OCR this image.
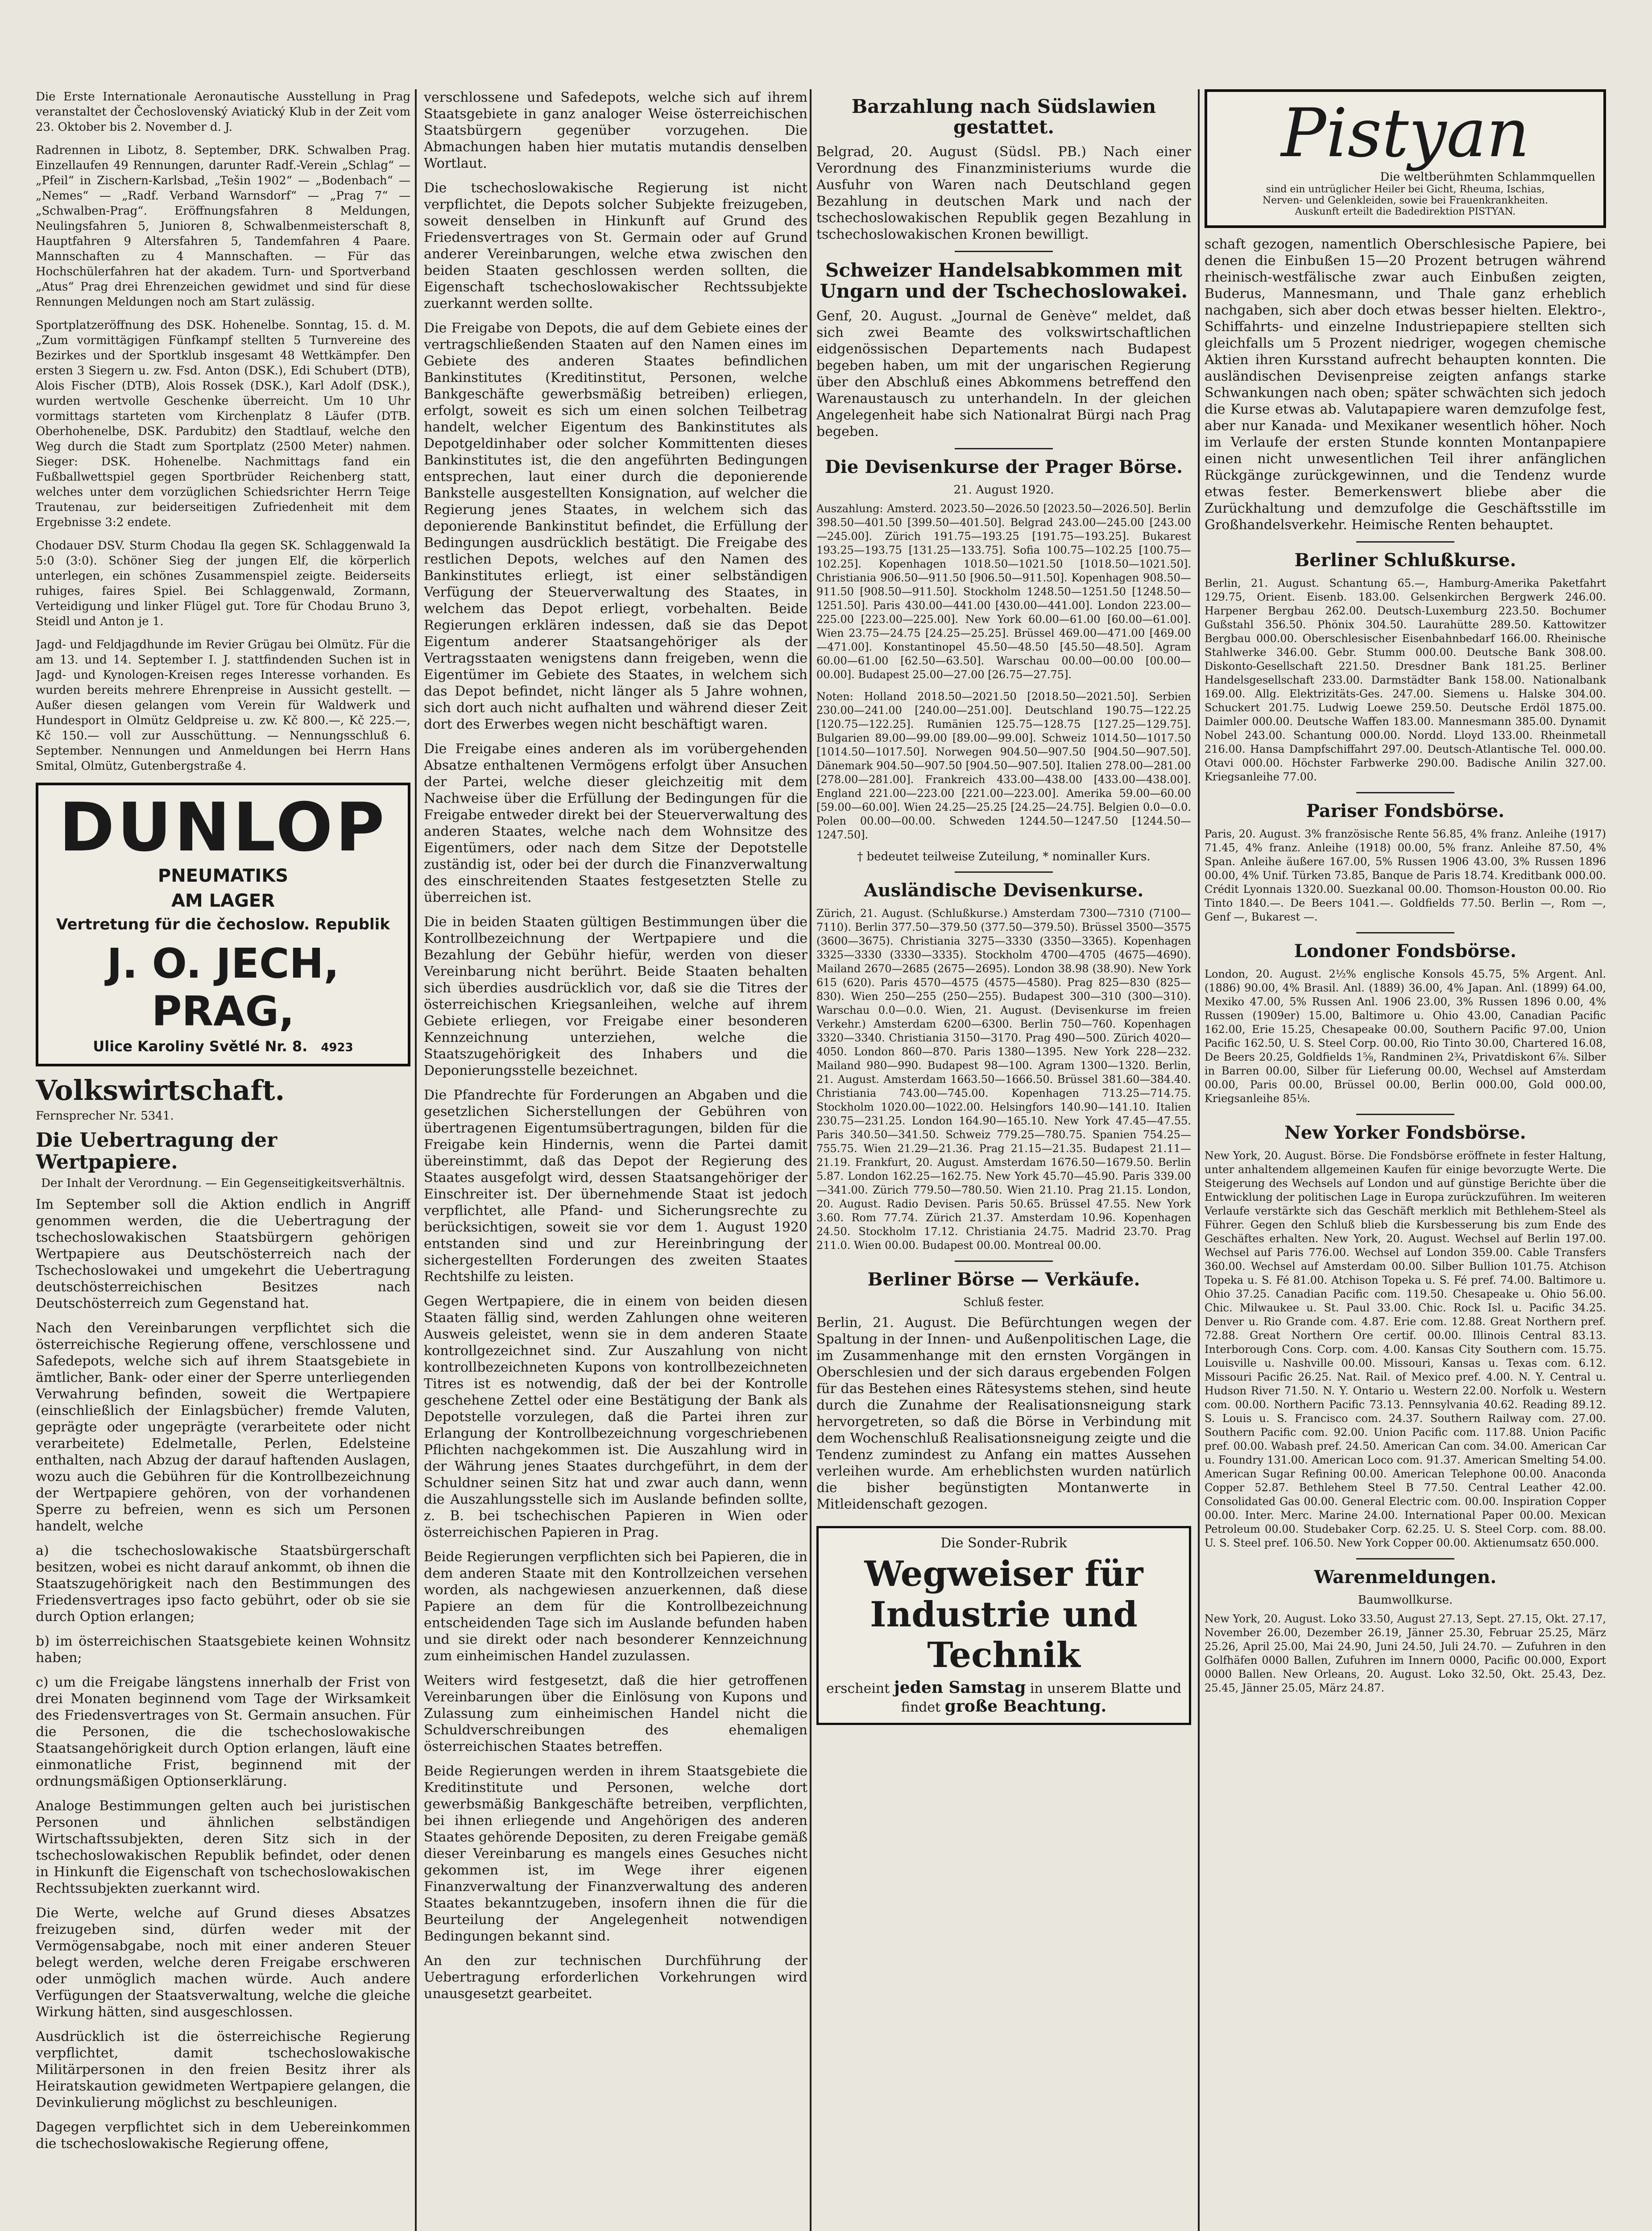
Die Erste Internationale Aeronautische Ausstellung in Prag veranstaltet der Čechoslovenský Aviatický Klub in der Zeit vom 23. Oktober bis 2. November d. J.

Radrennen in Libotz, 8. September, DRK. Schwalben Prag. Einzellaufen 49 Rennungen, darunter Radf.-Verein „Schlag“ — „Pfeil“ in Zischern-Karlsbad, „Tešin 1902“ — „Bodenbach“ — „Nemes“ — „Radf. Verband Warnsdorf“ — „Prag 7“ — „Schwalben-Prag“. Eröffnungsfahren 8 Meldungen, Neulingsfahren 5, Junioren 8, Schwalbenmeisterschaft 8, Hauptfahren 9 Altersfahren 5, Tandemfahren 4 Paare. Mannschaften zu 4 Mannschaften. — Für das Hochschülerfahren hat der akadem. Turn- und Sportverband „Atus“ Prag drei Ehrenzeichen gewidmet und sind für diese Rennungen Meldungen noch am Start zulässig.

Sportplatzeröffnung des DSK. Hohenelbe. Sonntag, 15. d. M. „Zum vormittägigen Fünfkampf stellten 5 Turnvereine des Bezirkes und der Sportklub insgesamt 48 Wettkämpfer. Den ersten 3 Siegern u. zw. Fsd. Anton (DSK.), Edi Schubert (DTB), Alois Fischer (DTB), Alois Rossek (DSK.), Karl Adolf (DSK.), wurden wertvolle Geschenke überreicht. Um 10 Uhr vormittags starteten vom Kirchenplatz 8 Läufer (DTB. Oberhohenelbe, DSK. Pardubitz) den Stadtlauf, welche den Weg durch die Stadt zum Sportplatz (2500 Meter) nahmen. Sieger: DSK. Hohenelbe. Nachmittags fand ein Fußballwettspiel gegen Sportbrüder Reichenberg statt, welches unter dem vorzüglichen Schiedsrichter Herrn Teige Trautenau, zur beiderseitigen Zufriedenheit mit dem Ergebnisse 3:2 endete.

Chodauer DSV. Sturm Chodau Ila gegen SK. Schlaggenwald Ia 5:0 (3:0). Schöner Sieg der jungen Elf, die körperlich unterlegen, ein schönes Zusammenspiel zeigte. Beiderseits ruhiges, faires Spiel. Bei Schlaggenwald, Zormann, Verteidigung und linker Flügel gut. Tore für Chodau Bruno 3, Steidl und Anton je 1.

Jagd- und Feldjagdhunde im Revier Grügau bei Olmütz. Für die am 13. und 14. September I. J. stattfindenden Suchen ist in Jagd- und Kynologen-Kreisen reges Interesse vorhanden. Es wurden bereits mehrere Ehrenpreise in Aussicht gestellt. — Außer diesen gelangen vom Verein für Waldwerk und Hundesport in Olmütz Geldpreise u. zw. Kč 800.—, Kč 225.—, Kč 150.— voll zur Ausschüttung. — Nennungsschluß 6. September. Nennungen und Anmeldungen bei Herrn Hans Smital, Olmütz, Gutenbergstraße 4.

DUNLOP
PNEUMATIKS
AM LAGER
Vertretung für die čechoslow. Republik
J. O. JECH, PRAG,
Ulice Karoliny Světlé Nr. 8. 4923
Volkswirtschaft.
Fernsprecher Nr. 5341.
Die Uebertragung der Wertpapiere.
Der Inhalt der Verordnung. — Ein Gegenseitigkeitsverhältnis.

Im September soll die Aktion endlich in Angriff genommen werden, die die Uebertragung der tschechoslowakischen Staatsbürgern gehörigen Wertpapiere aus Deutschösterreich nach der Tschechoslowakei und umgekehrt die Uebertragung deutschösterreichischen Besitzes nach Deutschösterreich zum Gegenstand hat.

Nach den Vereinbarungen verpflichtet sich die österreichische Regierung offene, verschlossene und Safedepots, welche sich auf ihrem Staatsgebiete in ämtlicher, Bank- oder einer der Sperre unterliegenden Verwahrung befinden, soweit die Wertpapiere (einschließlich der Einlagsbücher) fremde Valuten, geprägte oder ungeprägte (verarbeitete oder nicht verarbeitete) Edelmetalle, Perlen, Edelsteine enthalten, nach Abzug der darauf haftenden Auslagen, wozu auch die Gebühren für die Kontrollbezeichnung der Wertpapiere gehören, von der vorhandenen Sperre zu befreien, wenn es sich um Personen handelt, welche

a) die tschechoslowakische Staatsbürgerschaft besitzen, wobei es nicht darauf ankommt, ob ihnen die Staatszugehörigkeit nach den Bestimmungen des Friedensvertrages ipso facto gebührt, oder ob sie sie durch Option erlangen;

b) im österreichischen Staatsgebiete keinen Wohnsitz haben;

c) um die Freigabe längstens innerhalb der Frist von drei Monaten beginnend vom Tage der Wirksamkeit des Friedensvertrages von St. Germain ansuchen. Für die Personen, die die tschechoslowakische Staatsangehörigkeit durch Option erlangen, läuft eine einmonatliche Frist, beginnend mit der ordnungsmäßigen Optionserklärung.

Analoge Bestimmungen gelten auch bei juristischen Personen und ähnlichen selbständigen Wirtschaftssubjekten, deren Sitz sich in der tschechoslowakischen Republik befindet, oder denen in Hinkunft die Eigenschaft von tschechoslowakischen Rechtssubjekten zuerkannt wird.

Die Werte, welche auf Grund dieses Absatzes freizugeben sind, dürfen weder mit der Vermögensabgabe, noch mit einer anderen Steuer belegt werden, welche deren Freigabe erschweren oder unmöglich machen würde. Auch andere Verfügungen der Staatsverwaltung, welche die gleiche Wirkung hätten, sind ausgeschlossen.

Ausdrücklich ist die österreichische Regierung verpflichtet, damit tschechoslowakische Militärpersonen in den freien Besitz ihrer als Heiratskaution gewidmeten Wertpapiere gelangen, die Devinkulierung möglichst zu beschleunigen.

Dagegen verpflichtet sich in dem Uebereinkommen die tschechoslowakische Regierung offene,

verschlossene und Safedepots, welche sich auf ihrem Staatsgebiete in ganz analoger Weise österreichischen Staatsbürgern gegenüber vorzugehen. Die Abmachungen haben hier mutatis mutandis denselben Wortlaut.

Die tschechoslowakische Regierung ist nicht verpflichtet, die Depots solcher Subjekte freizugeben, soweit denselben in Hinkunft auf Grund des Friedensvertrages von St. Germain oder auf Grund anderer Vereinbarungen, welche etwa zwischen den beiden Staaten geschlossen werden sollten, die Eigenschaft tschechoslowakischer Rechtssubjekte zuerkannt werden sollte.

Die Freigabe von Depots, die auf dem Gebiete eines der vertragschließenden Staaten auf den Namen eines im Gebiete des anderen Staates befindlichen Bankinstitutes (Kreditinstitut, Personen, welche Bankgeschäfte gewerbsmäßig betreiben) erliegen, erfolgt, soweit es sich um einen solchen Teilbetrag handelt, welcher Eigentum des Bankinstitutes als Depotgeldinhaber oder solcher Kommittenten dieses Bankinstitutes ist, die den angeführten Bedingungen entsprechen, laut einer durch die deponierende Bankstelle ausgestellten Konsignation, auf welcher die Regierung jenes Staates, in welchem sich das deponierende Bankinstitut befindet, die Erfüllung der Bedingungen ausdrücklich bestätigt. Die Freigabe des restlichen Depots, welches auf den Namen des Bankinstitutes erliegt, ist einer selbständigen Verfügung der Steuerverwaltung des Staates, in welchem das Depot erliegt, vorbehalten. Beide Regierungen erklären indessen, daß sie das Depot Eigentum anderer Staatsangehöriger als der Vertragsstaaten wenigstens dann freigeben, wenn die Eigentümer im Gebiete des Staates, in welchem sich das Depot befindet, nicht länger als 5 Jahre wohnen, sich dort auch nicht aufhalten und während dieser Zeit dort des Erwerbes wegen nicht beschäftigt waren.

Die Freigabe eines anderen als im vorübergehenden Absatze enthaltenen Vermögens erfolgt über Ansuchen der Partei, welche dieser gleichzeitig mit dem Nachweise über die Erfüllung der Bedingungen für die Freigabe entweder direkt bei der Steuerverwaltung des anderen Staates, welche nach dem Wohnsitze des Eigentümers, oder nach dem Sitze der Depotstelle zuständig ist, oder bei der durch die Finanzverwaltung des einschreitenden Staates festgesetzten Stelle zu überreichen ist.

Die in beiden Staaten gültigen Bestimmungen über die Kontrollbezeichnung der Wertpapiere und die Bezahlung der Gebühr hiefür, werden von dieser Vereinbarung nicht berührt. Beide Staaten behalten sich überdies ausdrücklich vor, daß sie die Titres der österreichischen Kriegsanleihen, welche auf ihrem Gebiete erliegen, vor Freigabe einer besonderen Kennzeichnung unterziehen, welche die Staatszugehörigkeit des Inhabers und die Deponierungsstelle bezeichnet.

Die Pfandrechte für Forderungen an Abgaben und die gesetzlichen Sicherstellungen der Gebühren von übertragenen Eigentumsübertragungen, bilden für die Freigabe kein Hindernis, wenn die Partei damit übereinstimmt, daß das Depot der Regierung des Staates ausgefolgt wird, dessen Staatsangehöriger der Einschreiter ist. Der übernehmende Staat ist jedoch verpflichtet, alle Pfand- und Sicherungsrechte zu berücksichtigen, soweit sie vor dem 1. August 1920 entstanden sind und zur Hereinbringung der sichergestellten Forderungen des zweiten Staates Rechtshilfe zu leisten.

Gegen Wertpapiere, die in einem von beiden diesen Staaten fällig sind, werden Zahlungen ohne weiteren Ausweis geleistet, wenn sie in dem anderen Staate kontrollgezeichnet sind. Zur Auszahlung von nicht kontrollbezeichneten Kupons von kontrollbezeichneten Titres ist es notwendig, daß der bei der Kontrolle geschehene Zettel oder eine Bestätigung der Bank als Depotstelle vorzulegen, daß die Partei ihren zur Erlangung der Kontrollbezeichnung vorgeschriebenen Pflichten nachgekommen ist. Die Auszahlung wird in der Währung jenes Staates durchgeführt, in dem der Schuldner seinen Sitz hat und zwar auch dann, wenn die Auszahlungsstelle sich im Auslande befinden sollte, z. B. bei tschechischen Papieren in Wien oder österreichischen Papieren in Prag.

Beide Regierungen verpflichten sich bei Papieren, die in dem anderen Staate mit den Kontrollzeichen versehen worden, als nachgewiesen anzuerkennen, daß diese Papiere an dem für die Kontrollbezeichnung entscheidenden Tage sich im Auslande befunden haben und sie direkt oder nach besonderer Kennzeichnung zum einheimischen Handel zuzulassen.

Weiters wird festgesetzt, daß die hier getroffenen Vereinbarungen über die Einlösung von Kupons und Zulassung zum einheimischen Handel nicht die Schuldverschreibungen des ehemaligen österreichischen Staates betreffen.

Beide Regierungen werden in ihrem Staatsgebiete die Kreditinstitute und Personen, welche dort gewerbsmäßig Bankgeschäfte betreiben, verpflichten, bei ihnen erliegende und Angehörigen des anderen Staates gehörende Depositen, zu deren Freigabe gemäß dieser Vereinbarung es mangels eines Gesuches nicht gekommen ist, im Wege ihrer eigenen Finanzverwaltung der Finanzverwaltung des anderen Staates bekanntzugeben, insofern ihnen die für die Beurteilung der Angelegenheit notwendigen Bedingungen bekannt sind.

An den zur technischen Durchführung der Uebertragung erforderlichen Vorkehrungen wird unausgesetzt gearbeitet.

Barzahlung nach Südslawien gestattet.

Belgrad, 20. August (Südsl. PB.) Nach einer Verordnung des Finanzministeriums wurde die Ausfuhr von Waren nach Deutschland gegen Bezahlung in deutschen Mark und nach der tschechoslowakischen Republik gegen Bezahlung in tschechoslowakischen Kronen bewilligt.

Schweizer Handelsabkommen mit Ungarn und der Tschechoslowakei.

Genf, 20. August. „Journal de Genève“ meldet, daß sich zwei Beamte des volkswirtschaftlichen eidgenössischen Departements nach Budapest begeben haben, um mit der ungarischen Regierung über den Abschluß eines Abkommens betreffend den Warenaustausch zu unterhandeln. In der gleichen Angelegenheit habe sich Nationalrat Bürgi nach Prag begeben.

Die Devisenkurse der Prager Börse.
21. August 1920.

Auszahlung: Amsterd. 2023.50—2026.50 [2023.50—2026.50]. Berlin 398.50—401.50 [399.50—401.50]. Belgrad 243.00—245.00 [243.00—245.00]. Zürich 191.75—193.25 [191.75—193.25]. Bukarest 193.25—193.75 [131.25—133.75]. Sofia 100.75—102.25 [100.75—102.25]. Kopenhagen 1018.50—1021.50 [1018.50—1021.50]. Christiania 906.50—911.50 [906.50—911.50]. Kopenhagen 908.50—911.50 [908.50—911.50]. Stockholm 1248.50—1251.50 [1248.50—1251.50]. Paris 430.00—441.00 [430.00—441.00]. London 223.00—225.00 [223.00—225.00]. New York 60.00—61.00 [60.00—61.00]. Wien 23.75—24.75 [24.25—25.25]. Brüssel 469.00—471.00 [469.00—471.00]. Konstantinopel 45.50—48.50 [45.50—48.50]. Agram 60.00—61.00 [62.50—63.50]. Warschau 00.00—00.00 [00.00—00.00]. Budapest 25.00—27.00 [26.75—27.75].

Noten: Holland 2018.50—2021.50 [2018.50—2021.50]. Serbien 230.00—241.00 [240.00—251.00]. Deutschland 190.75—122.25 [120.75—122.25]. Rumänien 125.75—128.75 [127.25—129.75]. Bulgarien 89.00—99.00 [89.00—99.00]. Schweiz 1014.50—1017.50 [1014.50—1017.50]. Norwegen 904.50—907.50 [904.50—907.50]. Dänemark 904.50—907.50 [904.50—907.50]. Italien 278.00—281.00 [278.00—281.00]. Frankreich 433.00—438.00 [433.00—438.00]. England 221.00—223.00 [221.00—223.00]. Amerika 59.00—60.00 [59.00—60.00]. Wien 24.25—25.25 [24.25—24.75]. Belgien 0.0—0.0. Polen 00.00—00.00. Schweden 1244.50—1247.50 [1244.50—1247.50].

† bedeutet teilweise Zuteilung, * nominaller Kurs.
Ausländische Devisenkurse.

Zürich, 21. August. (Schlußkurse.) Amsterdam 7300—7310 (7100—7110). Berlin 377.50—379.50 (377.50—379.50). Brüssel 3500—3575 (3600—3675). Christiania 3275—3330 (3350—3365). Kopenhagen 3325—3330 (3330—3335). Stockholm 4700—4705 (4675—4690). Mailand 2670—2685 (2675—2695). London 38.98 (38.90). New York 615 (620). Paris 4570—4575 (4575—4580). Prag 825—830 (825—830). Wien 250—255 (250—255). Budapest 300—310 (300—310). Warschau 0.0—0.0. Wien, 21. August. (Devisenkurse im freien Verkehr.) Amsterdam 6200—6300. Berlin 750—760. Kopenhagen 3320—3340. Christiania 3150—3170. Prag 490—500. Zürich 4020—4050. London 860—870. Paris 1380—1395. New York 228—232. Mailand 980—990. Budapest 98—100. Agram 1300—1320. Berlin, 21. August. Amsterdam 1663.50—1666.50. Brüssel 381.60—384.40. Christiania 743.00—745.00. Kopenhagen 713.25—714.75. Stockholm 1020.00—1022.00. Helsingfors 140.90—141.10. Italien 230.75—231.25. London 164.90—165.10. New York 47.45—47.55. Paris 340.50—341.50. Schweiz 779.25—780.75. Spanien 754.25—755.75. Wien 21.29—21.36. Prag 21.15—21.35. Budapest 21.11—21.19. Frankfurt, 20. August. Amsterdam 1676.50—1679.50. Berlin 5.87. London 162.25—162.75. New York 45.70—45.90. Paris 339.00—341.00. Zürich 779.50—780.50. Wien 21.10. Prag 21.15. London, 20. August. Radio Devisen. Paris 50.65. Brüssel 47.55. New York 3.60. Rom 77.74. Zürich 21.37. Amsterdam 10.96. Kopenhagen 24.50. Stockholm 17.12. Christiania 24.75. Madrid 23.70. Prag 211.0. Wien 00.00. Budapest 00.00. Montreal 00.00.

Berliner Börse — Verkäufe.
Schluß fester.

Berlin, 21. August. Die Befürchtungen wegen der Spaltung in der Innen- und Außenpolitischen Lage, die im Zusammenhange mit den ernsten Vorgängen in Oberschlesien und der sich daraus ergebenden Folgen für das Bestehen eines Rätesystems stehen, sind heute durch die Zunahme der Realisationsneigung stark hervorgetreten, so daß die Börse in Verbindung mit dem Wochenschluß Realisationsneigung zeigte und die Tendenz zumindest zu Anfang ein mattes Aussehen verleihen wurde. Am erheblichsten wurden natürlich die bisher begünstigten Montanwerte in Mitleidenschaft gezogen.

Die Sonder-Rubrik
Wegweiser für Industrie und Technik
erscheint jeden Samstag in unserem Blatte und findet große Beachtung.
Pistyan
Die weltberühmten Schlammquellen
sind ein untrüglicher Heiler bei Gicht, Rheuma, Ischias,
Nerven- und Gelenkleiden, sowie bei Frauenkrankheiten.
Auskunft erteilt die Badedirektion PISTYAN.

schaft gezogen, namentlich Oberschlesische Papiere, bei denen die Einbußen 15—20 Prozent betrugen während rheinisch-westfälische zwar auch Einbußen zeigten, Buderus, Mannesmann, und Thale ganz erheblich nachgaben, sich aber doch etwas besser hielten. Elektro-, Schiffahrts- und einzelne Industriepapiere stellten sich gleichfalls um 5 Prozent niedriger, wogegen chemische Aktien ihren Kursstand aufrecht behaupten konnten. Die ausländischen Devisenpreise zeigten anfangs starke Schwankungen nach oben; später schwächten sich jedoch die Kurse etwas ab. Valutapapiere waren demzufolge fest, aber nur Kanada- und Mexikaner wesentlich höher. Noch im Verlaufe der ersten Stunde konnten Montanpapiere einen nicht unwesentlichen Teil ihrer anfänglichen Rückgänge zurückgewinnen, und die Tendenz wurde etwas fester. Bemerkenswert bliebe aber die Zurückhaltung und demzufolge die Geschäftsstille im Großhandelsverkehr. Heimische Renten behauptet.

Berliner Schlußkurse.

Berlin, 21. August. Schantung 65.—, Hamburg-Amerika Paketfahrt 129.75, Orient. Eisenb. 183.00. Gelsenkirchen Bergwerk 246.00. Harpener Bergbau 262.00. Deutsch-Luxemburg 223.50. Bochumer Gußstahl 356.50. Phönix 304.50. Laurahütte 289.50. Kattowitzer Bergbau 000.00. Oberschlesischer Eisenbahnbedarf 166.00. Rheinische Stahlwerke 346.00. Gebr. Stumm 000.00. Deutsche Bank 308.00. Diskonto-Gesellschaft 221.50. Dresdner Bank 181.25. Berliner Handelsgesellschaft 233.00. Darmstädter Bank 158.00. Nationalbank 169.00. Allg. Elektrizitäts-Ges. 247.00. Siemens u. Halske 304.00. Schuckert 201.75. Ludwig Loewe 259.50. Deutsche Erdöl 1875.00. Daimler 000.00. Deutsche Waffen 183.00. Mannesmann 385.00. Dynamit Nobel 243.00. Schantung 000.00. Nordd. Lloyd 133.00. Rheinmetall 216.00. Hansa Dampfschiffahrt 297.00. Deutsch-Atlantische Tel. 000.00. Otavi 000.00. Höchster Farbwerke 290.00. Badische Anilin 327.00. Kriegsanleihe 77.00.

Pariser Fondsbörse.

Paris, 20. August. 3% französische Rente 56.85, 4% franz. Anleihe (1917) 71.45, 4% franz. Anleihe (1918) 00.00, 5% franz. Anleihe 87.50, 4% Span. Anleihe äußere 167.00, 5% Russen 1906 43.00, 3% Russen 1896 00.00, 4% Unif. Türken 73.85, Banque de Paris 18.74. Kreditbank 000.00. Crédit Lyonnais 1320.00. Suezkanal 00.00. Thomson-Houston 00.00. Rio Tinto 1840.—. De Beers 1041.—. Goldfields 77.50. Berlin —, Rom —, Genf —, Bukarest —.

Londoner Fondsbörse.

London, 20. August. 2½% englische Konsols 45.75, 5% Argent. Anl. (1886) 90.00, 4% Brasil. Anl. (1889) 36.00, 4% Japan. Anl. (1899) 64.00, Mexiko 47.00, 5% Russen Anl. 1906 23.00, 3% Russen 1896 0.00, 4% Russen (1909er) 15.00, Baltimore u. Ohio 43.00, Canadian Pacific 162.00, Erie 15.25, Chesapeake 00.00, Southern Pacific 97.00, Union Pacific 162.50, U. S. Steel Corp. 00.00, Rio Tinto 30.00, Chartered 16.08, De Beers 20.25, Goldfields 1⅝, Randminen 2¾, Privatdiskont 6⅞. Silber in Barren 00.00, Silber für Lieferung 00.00, Wechsel auf Amsterdam 00.00, Paris 00.00, Brüssel 00.00, Berlin 000.00, Gold 000.00, Kriegsanleihe 85⅛.

New Yorker Fondsbörse.

New York, 20. August. Börse. Die Fondsbörse eröffnete in fester Haltung, unter anhaltendem allgemeinen Kaufen für einige bevorzugte Werte. Die Steigerung des Wechsels auf London und auf günstige Berichte über die Entwicklung der politischen Lage in Europa zurückzuführen. Im weiteren Verlaufe verstärkte sich das Geschäft merklich mit Bethlehem-Steel als Führer. Gegen den Schluß blieb die Kursbesserung bis zum Ende des Geschäftes erhalten. New York, 20. August. Wechsel auf Berlin 197.00. Wechsel auf Paris 776.00. Wechsel auf London 359.00. Cable Transfers 360.00. Wechsel auf Amsterdam 00.00. Silber Bullion 101.75. Atchison Topeka u. S. Fé 81.00. Atchison Topeka u. S. Fé pref. 74.00. Baltimore u. Ohio 37.25. Canadian Pacific com. 119.50. Chesapeake u. Ohio 56.00. Chic. Milwaukee u. St. Paul 33.00. Chic. Rock Isl. u. Pacific 34.25. Denver u. Rio Grande com. 4.87. Erie com. 12.88. Great Northern pref. 72.88. Great Northern Ore certif. 00.00. Illinois Central 83.13. Interborough Cons. Corp. com. 4.00. Kansas City Southern com. 15.75. Louisville u. Nashville 00.00. Missouri, Kansas u. Texas com. 6.12. Missouri Pacific 26.25. Nat. Rail. of Mexico pref. 4.00. N. Y. Central u. Hudson River 71.50. N. Y. Ontario u. Western 22.00. Norfolk u. Western com. 00.00. Northern Pacific 73.13. Pennsylvania 40.62. Reading 89.12. S. Louis u. S. Francisco com. 24.37. Southern Railway com. 27.00. Southern Pacific com. 92.00. Union Pacific com. 117.88. Union Pacific pref. 00.00. Wabash pref. 24.50. American Can com. 34.00. American Car u. Foundry 131.00. American Loco com. 91.37. American Smelting 54.00. American Sugar Refining 00.00. American Telephone 00.00. Anaconda Copper 52.87. Bethlehem Steel B 77.50. Central Leather 42.00. Consolidated Gas 00.00. General Electric com. 00.00. Inspiration Copper 00.00. Inter. Merc. Marine 24.00. International Paper 00.00. Mexican Petroleum 00.00. Studebaker Corp. 62.25. U. S. Steel Corp. com. 88.00. U. S. Steel pref. 106.50. New York Copper 00.00. Aktienumsatz 650.000.

Warenmeldungen.
Baumwollkurse.

New York, 20. August. Loko 33.50, August 27.13, Sept. 27.15, Okt. 27.17, November 26.00, Dezember 26.19, Jänner 25.30, Februar 25.25, März 25.26, April 25.00, Mai 24.90, Juni 24.50, Juli 24.70. — Zufuhren in den Golfhäfen 0000 Ballen, Zufuhren im Innern 0000, Pacific 00.000, Export 0000 Ballen. New Orleans, 20. August. Loko 32.50, Okt. 25.43, Dez. 25.45, Jänner 25.05, März 24.87.
